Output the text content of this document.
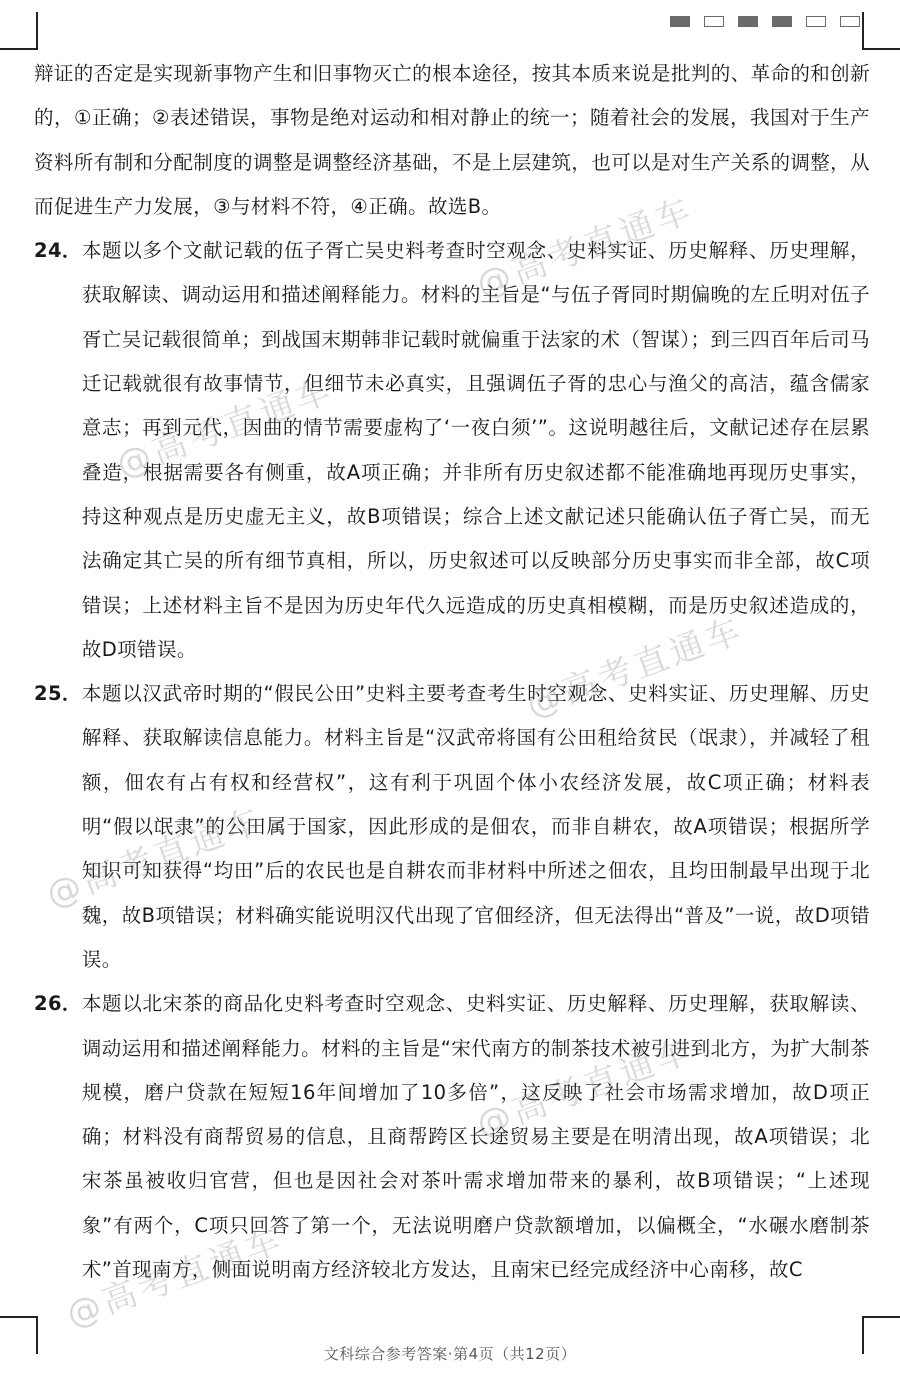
辩证的否定是实现新事物产生和旧事物灭亡的根本途径，按其本质来说是批判的、革命的和创新的，①正确；②表述错误，事物是绝对运动和相对静止的统一；随着社会的发展，我国对于生产资料所有制和分配制度的调整是调整经济基础，不是上层建筑，也可以是对生产关系的调整，从而促进生产力发展，③与材料不符，④正确。故选B。

24． 本题以多个文献记载的伍子胥亡吴史料考查时空观念、史料实证、历史解释、历史理解，获取解读、调动运用和描述阐释能力。材料的主旨是“与伍子胥同时期偏晚的左丘明对伍子胥亡吴记载很简单；到战国末期韩非记载时就偏重于法家的术（智谋）；到三四百年后司马迁记载就很有故事情节，但细节未必真实，且强调伍子胥的忠心与渔父的高洁，蕴含儒家意志；再到元代，因曲的情节需要虚构了‘一夜白须’”。这说明越往后，文献记述存在层累叠造，根据需要各有侧重，故A项正确；并非所有历史叙述都不能准确地再现历史事实，持这种观点是历史虚无主义，故B项错误；综合上述文献记述只能确认伍子胥亡吴，而无法确定其亡吴的所有细节真相，所以，历史叙述可以反映部分历史事实而非全部，故C项错误；上述材料主旨不是因为历史年代久远造成的历史真相模糊，而是历史叙述造成的，故D项错误。
25． 本题以汉武帝时期的“假民公田”史料主要考查考生时空观念、史料实证、历史理解、历史解释、获取解读信息能力。材料主旨是“汉武帝将国有公田租给贫民（氓隶），并减轻了租额，佃农有占有权和经营权”，这有利于巩固个体小农经济发展，故C项正确；材料表明“假以氓隶”的公田属于国家，因此形成的是佃农，而非自耕农，故A项错误；根据所学知识可知获得“均田”后的农民也是自耕农而非材料中所述之佃农，且均田制最早出现于北魏，故B项错误；材料确实能说明汉代出现了官佃经济，但无法得出“普及”一说，故D项错误。
26． 本题以北宋茶的商品化史料考查时空观念、史料实证、历史解释、历史理解，获取解读、调动运用和描述阐释能力。材料的主旨是“宋代南方的制茶技术被引进到北方，为扩大制茶规模，磨户贷款在短短16年间增加了10多倍”，这反映了社会市场需求增加，故D项正确；材料没有商帮贸易的信息，且商帮跨区长途贸易主要是在明清出现，故A项错误；北宋茶虽被收归官营，但也是因社会对茶叶需求增加带来的暴利，故B项错误；“上述现象”有两个，C项只回答了第一个，无法说明磨户贷款额增加，以偏概全，“水碾水磨制茶术”首现南方，侧面说明南方经济较北方发达，且南宋已经完成经济中心南移，故C
@高考直通车
@高考直通车
@高考直通车
@高考直通车
@高考直通车
@高考直通车
文科综合参考答案·第4页（共12页）
